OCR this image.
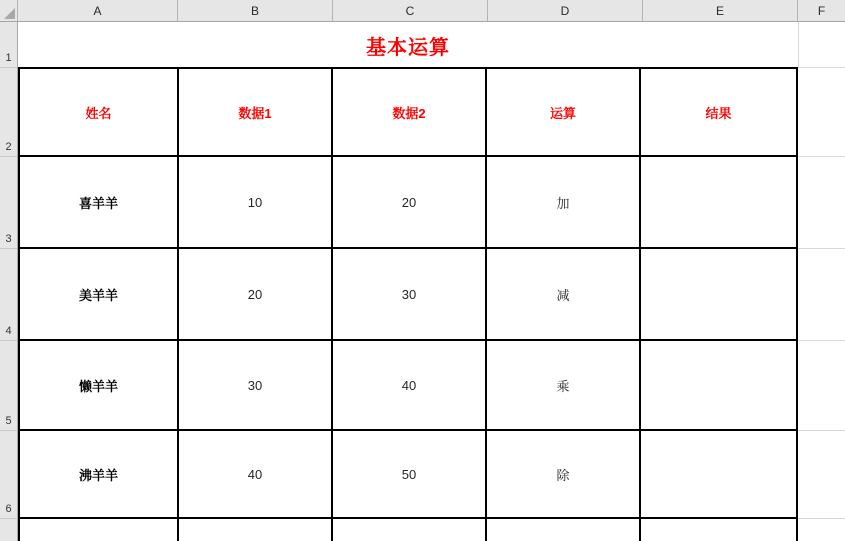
A	B	C	D	E	F
1
2
3
4
5
6
基本运算
姓名	数据1	数据2	运算	结果
喜羊羊	10	20	加
美羊羊	20	30	减
懒羊羊	30	40	乘
沸羊羊	40	50	除
